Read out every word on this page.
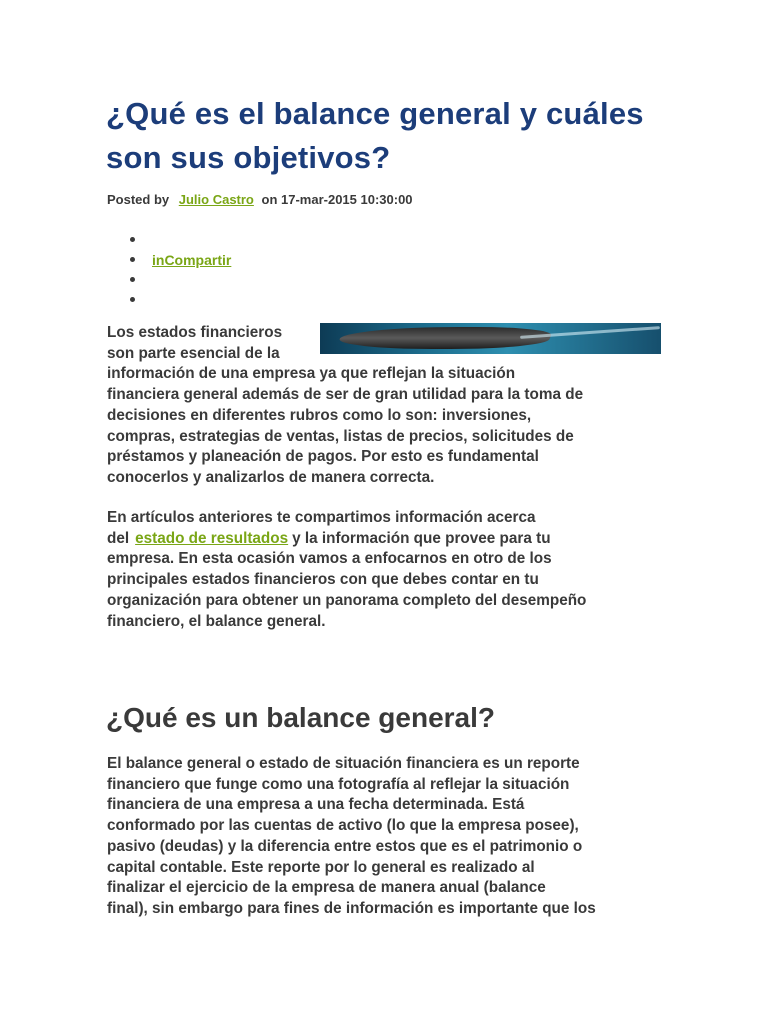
¿Qué es el balance general y cuáles son sus objetivos?
Posted by Julio Castro on 17-mar-2015 10:30:00
inCompartir

Los estados financieros
son parte esencial de la
información de una empresa ya que reflejan la situación
financiera general además de ser de gran utilidad para la toma de
decisiones en diferentes rubros como lo son: inversiones,
compras, estrategias de ventas, listas de precios, solicitudes de
préstamos y planeación de pagos. Por esto es fundamental
conocerlos y analizarlos de manera correcta.

En artículos anteriores te compartimos información acerca
del estado de resultados y la información que provee para tu
empresa. En esta ocasión vamos a enfocarnos en otro de los
principales estados financieros con que debes contar en tu
organización para obtener un panorama completo del desempeño
financiero, el balance general.

¿Qué es un balance general?

El balance general o estado de situación financiera es un reporte
financiero que funge como una fotografía al reflejar la situación
financiera de una empresa a una fecha determinada. Está
conformado por las cuentas de activo (lo que la empresa posee),
pasivo (deudas) y la diferencia entre estos que es el patrimonio o
capital contable. Este reporte por lo general es realizado al
finalizar el ejercicio de la empresa de manera anual (balance
final), sin embargo para fines de información es importante que los
